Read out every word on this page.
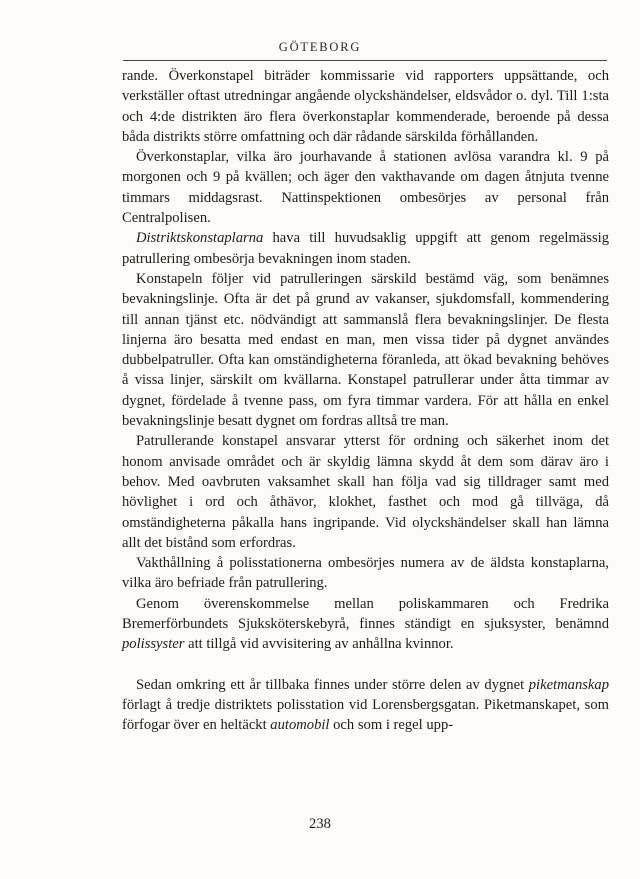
GÖTEBORG

rande. Överkonstapel biträder kommissarie vid rapporters uppsättande, och verkställer oftast utredningar angående olyckshändelser, eldsvådor o. dyl. Till 1:sta och 4:de distrikten äro flera överkonstaplar kommenderade, beroende på dessa båda distrikts större omfattning och där rådande särskilda förhållanden.

Överkonstaplar, vilka äro jourhavande å stationen avlösa varandra kl. 9 på morgonen och 9 på kvällen; och äger den vakthavande om dagen åtnjuta tvenne timmars middagsrast. Nattinspektionen ombesörjes av personal från Centralpolisen.

Distriktskonstaplarna hava till huvudsaklig uppgift att genom regelmässig patrullering ombesörja bevakningen inom staden.

Konstapeln följer vid patrulleringen särskild bestämd väg, som benämnes bevakningslinje. Ofta är det på grund av vakanser, sjukdomsfall, kommendering till annan tjänst etc. nödvändigt att sammanslå flera bevakningslinjer. De flesta linjerna äro besatta med endast en man, men vissa tider på dygnet användes dubbelpatruller. Ofta kan omständigheterna föranleda, att ökad bevakning behöves å vissa linjer, särskilt om kvällarna. Konstapel patrullerar under åtta timmar av dygnet, fördelade å tvenne pass, om fyra timmar vardera. För att hålla en enkel bevakningslinje besatt dygnet om fordras alltså tre man.

Patrullerande konstapel ansvarar ytterst för ordning och säkerhet inom det honom anvisade området och är skyldig lämna skydd åt dem som därav äro i behov. Med oavbruten vaksamhet skall han följa vad sig tilldrager samt med hövlighet i ord och åthävor, klokhet, fasthet och mod gå tillväga, då omständigheterna påkalla hans ingripande. Vid olyckshändelser skall han lämna allt det bistånd som erfordras.

Vakthållning å polisstationerna ombesörjes numera av de äldsta konstaplarna, vilka äro befriade från patrullering.

Genom överenskommelse mellan poliskammaren och Fredrika Bremerförbundets Sjuksköterskebyrå, finnes ständigt en sjuksyster, benämnd polissyster att tillgå vid avvisitering av anhållna kvinnor.

Sedan omkring ett år tillbaka finnes under större delen av dygnet piketmanskap förlagt å tredje distriktets polisstation vid Lorensbergsgatan. Piketmanskapet, som förfogar över en heltäckt automobil och som i regel upp-

238
